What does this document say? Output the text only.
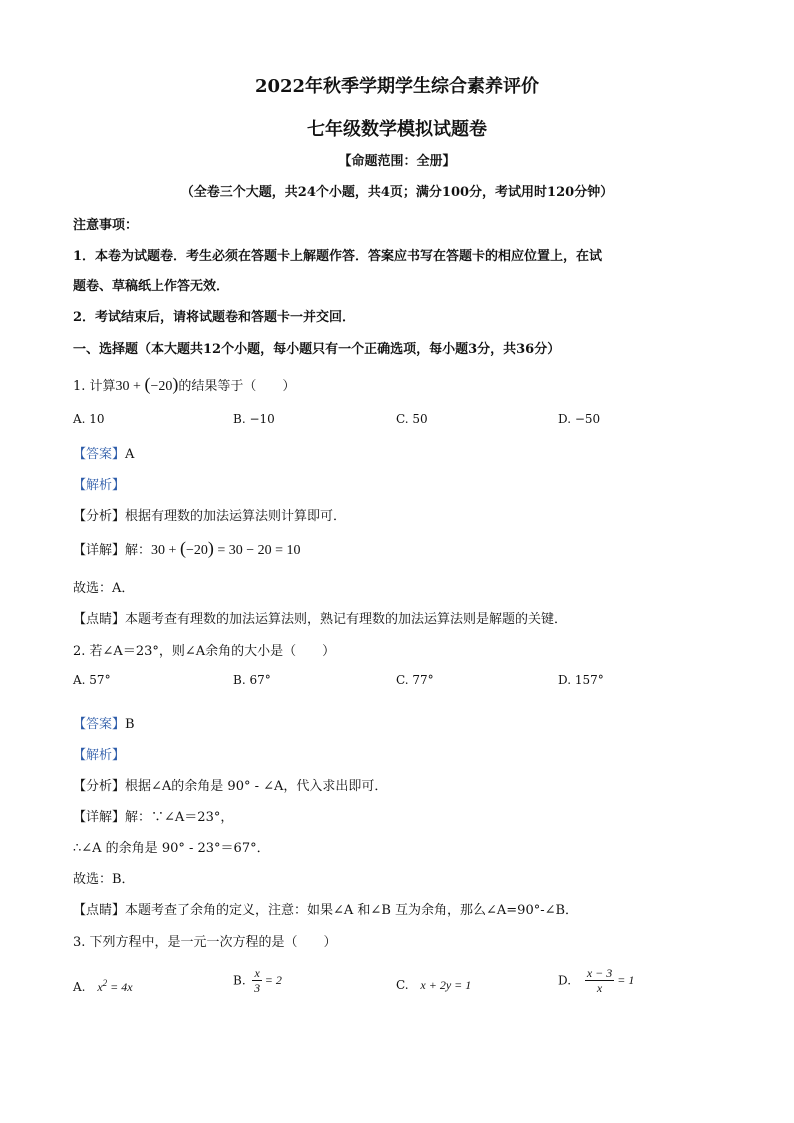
2022年秋季学期学生综合素养评价
七年级数学模拟试题卷
【命题范围：全册】
（全卷三个大题，共24个小题，共4页；满分100分，考试用时120分钟）
注意事项：
1．本卷为试题卷．考生必须在答题卡上解题作答．答案应书写在答题卡的相应位置上，在试
题卷、草稿纸上作答无效．
2．考试结束后，请将试题卷和答题卡一并交回．
一、选择题（本大题共12个小题，每小题只有一个正确选项，每小题3分，共36分）
1. 计算30 + (−20)的结果等于（　　）
A. 10	B. −10	C. 50	D. −50
【答案】A
【解析】
【分析】根据有理数的加法运算法则计算即可．
【详解】解：30 + (−20) = 30 − 20 = 10
故选：A．
【点睛】本题考查有理数的加法运算法则，熟记有理数的加法运算法则是解题的关键．
2. 若∠A＝23°，则∠A余角的大小是（　　）
A. 57°	B. 67°	C. 77°	D. 157°
【答案】B
【解析】
【分析】根据∠A的余角是 90° - ∠A，代入求出即可．
【详解】解：∵∠A＝23°，
∴∠A 的余角是 90° - 23°＝67°．
故选：B．
【点睛】本题考查了余角的定义，注意：如果∠A 和∠B 互为余角，那么∠A=90°-∠B．
3. 下列方程中，是一元一次方程的是（　　）
A. $x^2 = 4x$	B. $\frac{x}{3} = 2$	C. x + 2y = 1	D. $\frac{x - 3}{x} = 1$
